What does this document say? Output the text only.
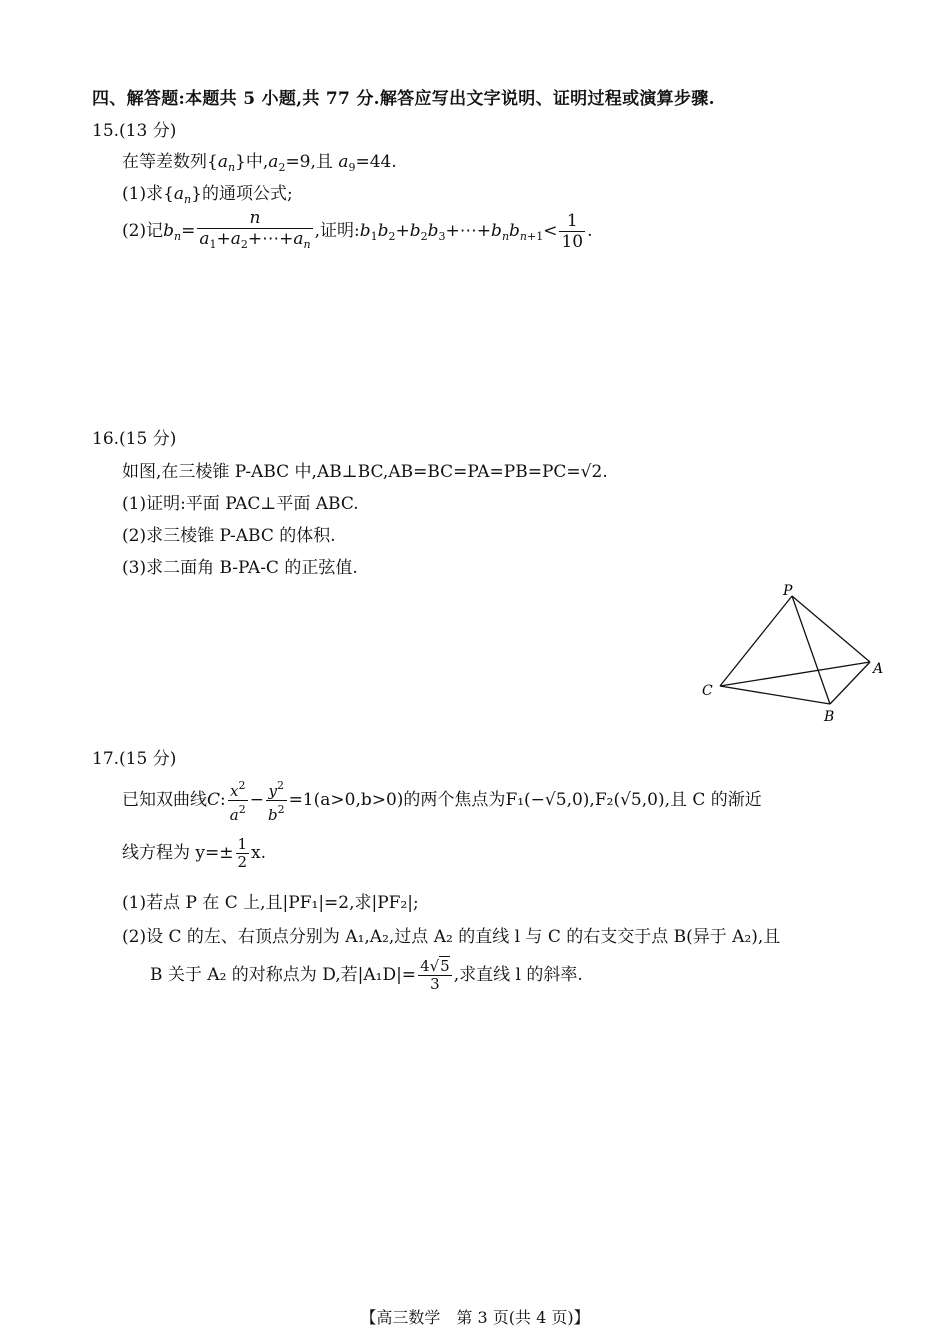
四、解答题:本题共 5 小题,共 77 分.解答应写出文字说明、证明过程或演算步骤.
15.(13 分)
在等差数列$\{a_n\}$中$,a_2=9$,且 $a_9=44$.
(1)求$\{a_n\}$的通项公式;
(2)记$b_n= \frac{n}{a_1+a_2+\cdots+a_n}$ ,证明$:b_1b_2+b_2b_3+\cdots+b_nb_{n+1}< \frac{1}{10}$ .
16.(15 分)
如图,在三棱锥 P-ABC 中,AB⊥BC,AB=BC=PA=PB=PC=√2.
(1)证明:平面 PAC⊥平面 ABC.
(2)求三棱锥 P-ABC 的体积.
(3)求二面角 B-PA-C 的正弦值.
P
A
B
C
17.(15 分)
已知双曲线C: $\frac{x^2}{a^2} - \frac{y^2}{b^2} =1(a>0,b>0)$的两个焦点为F₁(−√5,0),F₂(√5,0),且 C 的渐近
线方程为 $y=\pm \frac{1}{2} x$.
(1)若点 P 在 C 上,且|PF₁|=2,求|PF₂|;
(2)设 C 的左、右顶点分别为 A₁,A₂,过点 A₂ 的直线 l 与 C 的右支交于点 B(异于 A₂),且
B 关于 A₂ 的对称点为 D,若$|A_1D|= \frac{4√5}{3}$ ,求直线 l 的斜率.
【高三数学　第 3 页(共 4 页)】
